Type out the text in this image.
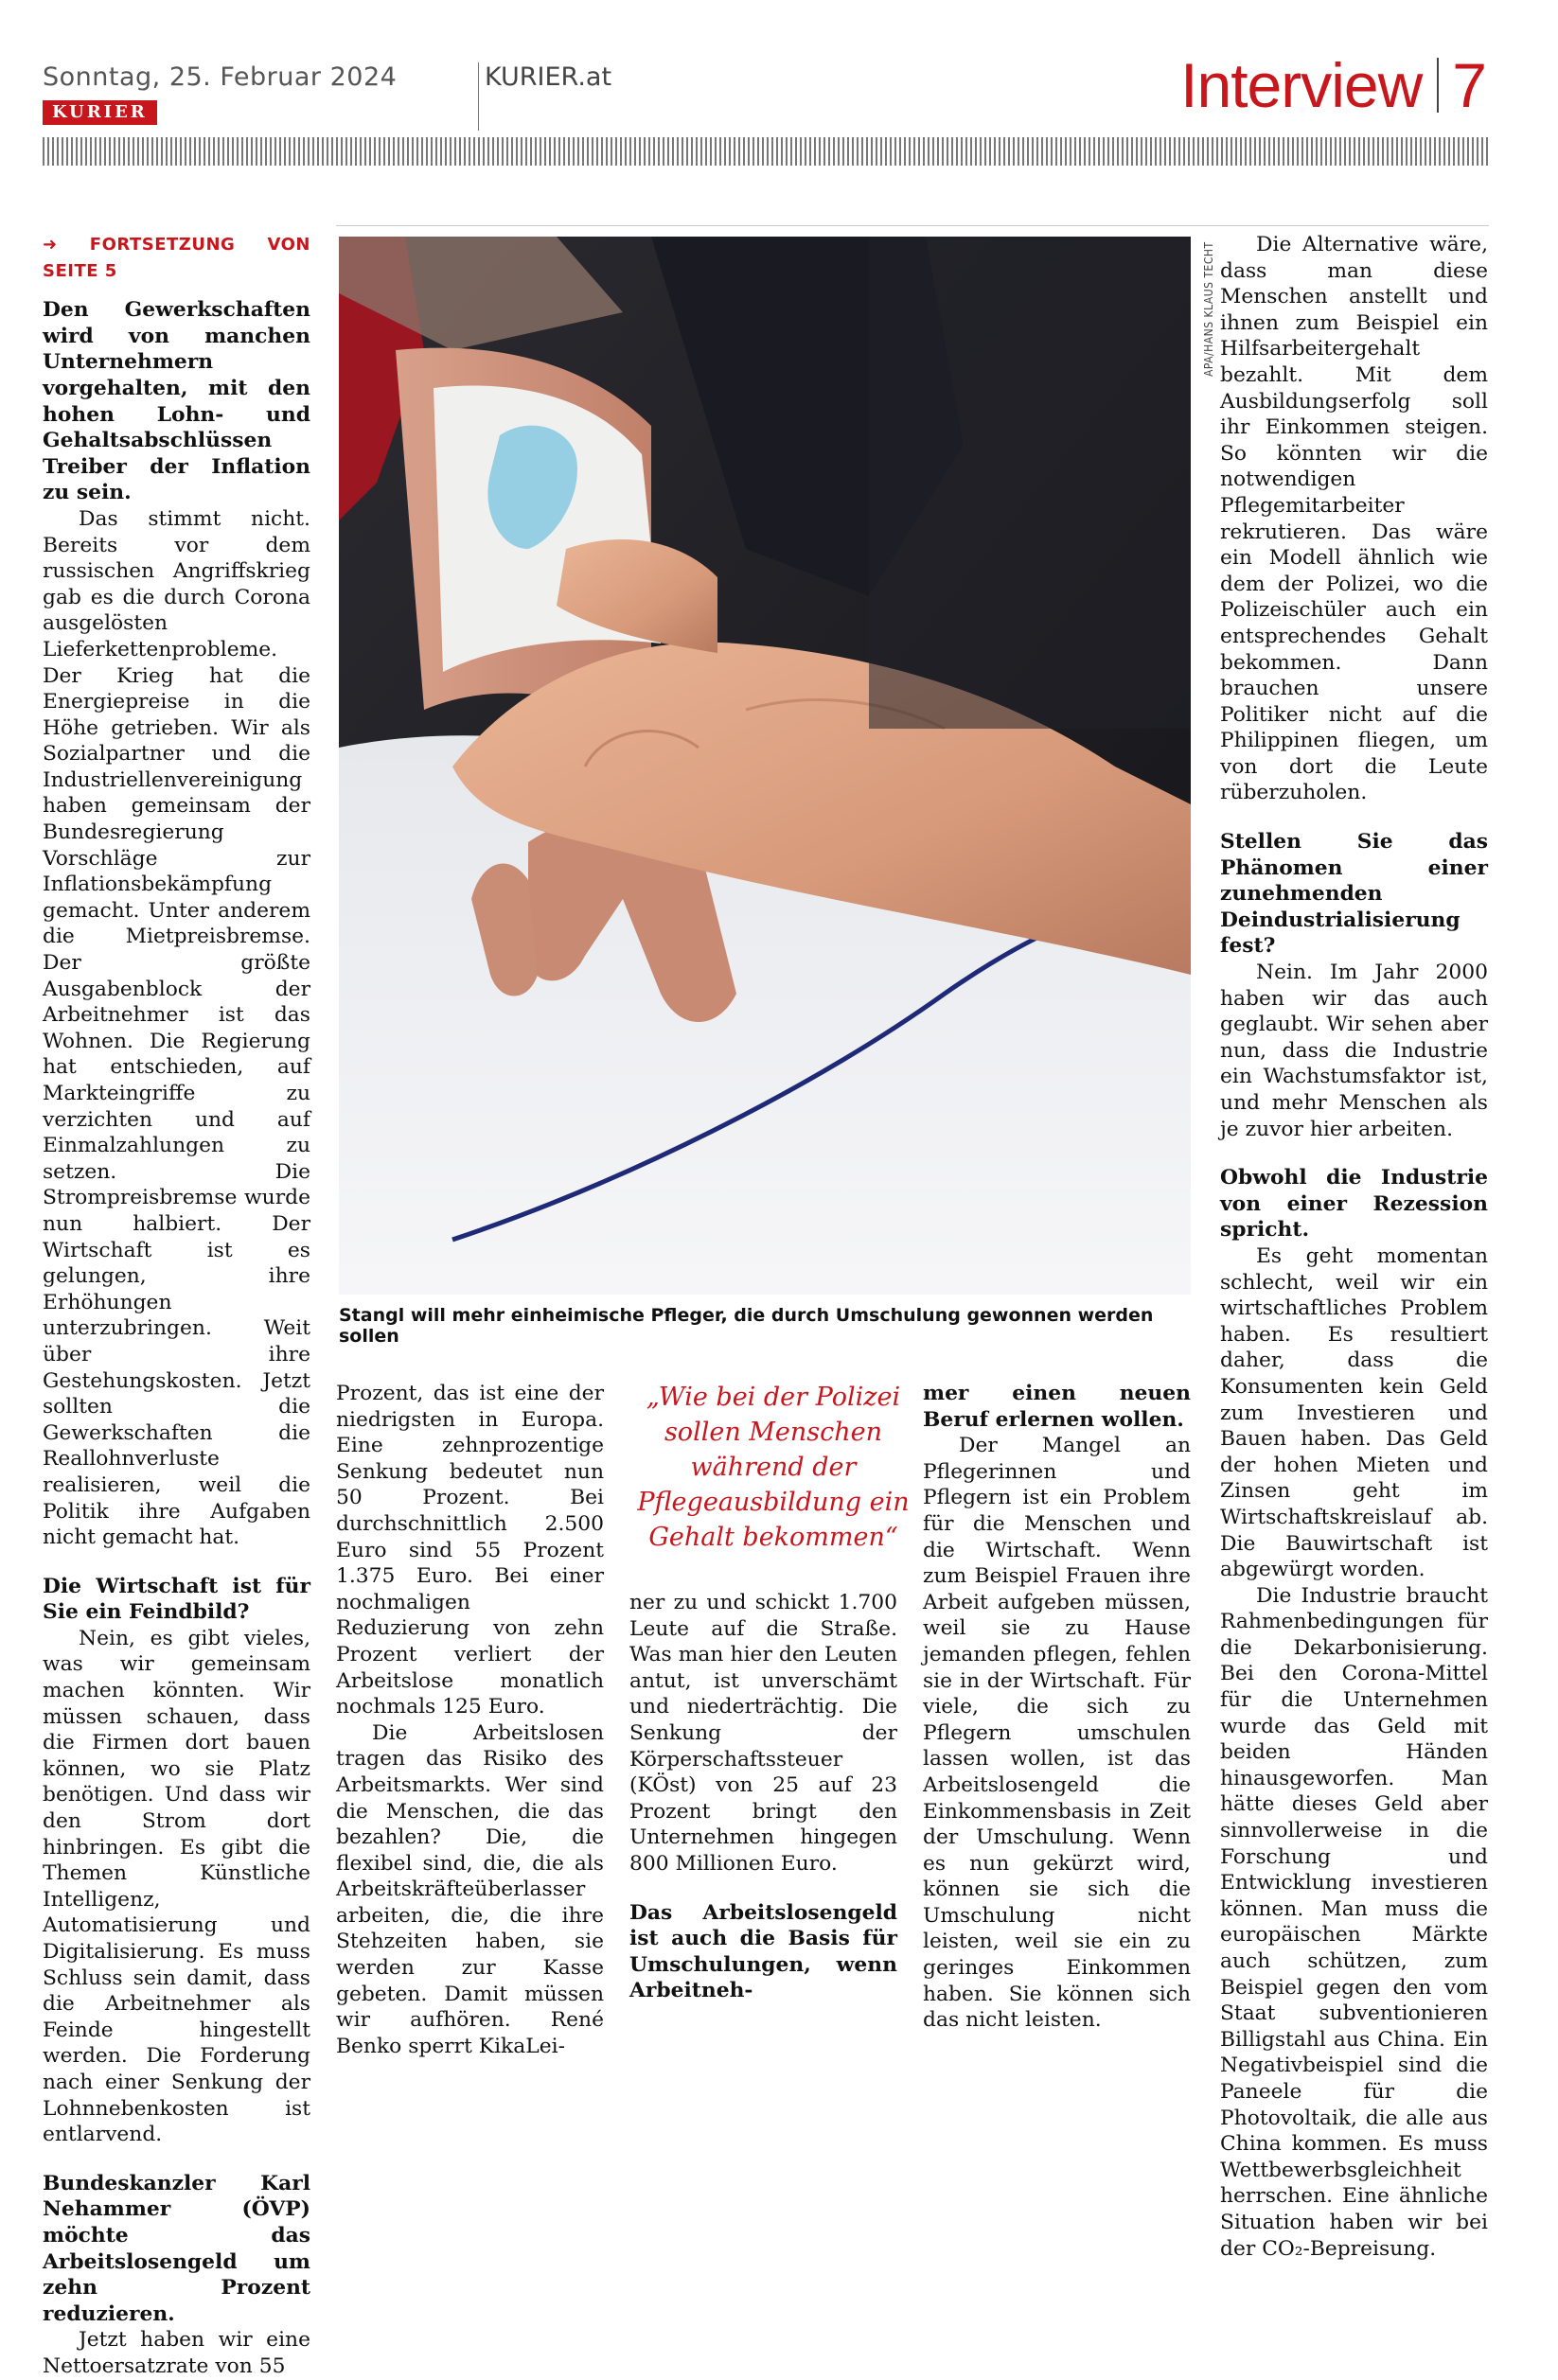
Sonntag, 25. Februar 2024
KURIER
KURIER.at	Interview 7
APA/HANS KLAUS TECHT
Stangl will mehr einheimische Pfleger, die durch Umschulung gewonnen werden sollen
„Wie bei der Polizei sollen Menschen während der Pflegeausbildung ein Gehalt bekommen“
➜ FORTSETZUNG VON SEITE 5

Den Gewerkschaften wird von manchen Unternehmern vorgehalten, mit den hohen Lohn- und Gehaltsabschlüssen Treiber der Inflation zu sein.

Das stimmt nicht. Bereits vor dem russischen Angriffskrieg gab es die durch Corona ausgelösten Lieferkettenprobleme. Der Krieg hat die Energiepreise in die Höhe getrieben. Wir als Sozialpartner und die Industriellenvereinigung haben gemeinsam der Bundesregierung Vorschläge zur Inflationsbekämpfung gemacht. Unter anderem die Mietpreisbremse. Der größte Ausgabenblock der Arbeitnehmer ist das Wohnen. Die Regierung hat entschieden, auf Markteingriffe zu verzichten und auf Einmalzahlungen zu setzen. Die Strompreisbremse wurde nun halbiert. Der Wirtschaft ist es gelungen, ihre Erhöhungen unterzubringen. Weit über ihre Gestehungskosten. Jetzt sollten die Gewerkschaften die Reallohnverluste realisieren, weil die Politik ihre Aufgaben nicht gemacht hat.

Die Wirtschaft ist für Sie ein Feindbild?

Nein, es gibt vieles, was wir gemeinsam machen könnten. Wir müssen schauen, dass die Firmen dort bauen können, wo sie Platz benötigen. Und dass wir den Strom dort hinbringen. Es gibt die Themen Künstliche Intelligenz, Automatisierung und Digitalisierung. Es muss Schluss sein damit, dass die Arbeitnehmer als Feinde hingestellt werden. Die Forderung nach einer Senkung der Lohnnebenkosten ist entlarvend.

Bundeskanzler Karl Nehammer (ÖVP) möchte das Arbeitslosengeld um zehn Prozent reduzieren.

Jetzt haben wir eine Nettoersatzrate von 55

Prozent, das ist eine der niedrigsten in Europa. Eine zehnprozentige Senkung bedeutet nun 50 Prozent. Bei durchschnittlich 2.500 Euro sind 55 Prozent 1.375 Euro. Bei einer nochmaligen Reduzierung von zehn Prozent verliert der Arbeitslose monatlich nochmals 125 Euro.

Die Arbeitslosen tragen das Risiko des Arbeitsmarkts. Wer sind die Menschen, die das bezahlen? Die, die flexibel sind, die, die als Arbeitskräfteüberlasser arbeiten, die, die ihre Stehzeiten haben, sie werden zur Kasse gebeten. Damit müssen wir aufhören. René Benko sperrt KikaLei-

ner zu und schickt 1.700 Leute auf die Straße. Was man hier den Leuten antut, ist unverschämt und niederträchtig. Die Senkung der Körperschaftssteuer (KÖst) von 25 auf 23 Prozent bringt den Unternehmen hingegen 800 Millionen Euro.

Das Arbeitslosengeld ist auch die Basis für Umschulungen, wenn Arbeitneh-

mer einen neuen Beruf erlernen wollen.

Der Mangel an Pflegerinnen und Pflegern ist ein Problem für die Menschen und die Wirtschaft. Wenn zum Beispiel Frauen ihre Arbeit aufgeben müssen, weil sie zu Hause jemanden pflegen, fehlen sie in der Wirtschaft. Für viele, die sich zu Pflegern umschulen lassen wollen, ist das Arbeitslosengeld die Einkommensbasis in Zeit der Umschulung. Wenn es nun gekürzt wird, können sie sich die Umschulung nicht leisten, weil sie ein zu geringes Einkommen haben. Sie können sich das nicht leisten.

Die Alternative wäre, dass man diese Menschen anstellt und ihnen zum Beispiel ein Hilfsarbeitergehalt bezahlt. Mit dem Ausbildungserfolg soll ihr Einkommen steigen. So könnten wir die notwendigen Pflegemitarbeiter rekrutieren. Das wäre ein Modell ähnlich wie dem der Polizei, wo die Polizeischüler auch ein entsprechendes Gehalt bekommen. Dann brauchen unsere Politiker nicht auf die Philippinen fliegen, um von dort die Leute rüberzuholen.

Stellen Sie das Phänomen einer zunehmenden Deindustrialisierung fest?

Nein. Im Jahr 2000 haben wir das auch geglaubt. Wir sehen aber nun, dass die Industrie ein Wachstumsfaktor ist, und mehr Menschen als je zuvor hier arbeiten.

Obwohl die Industrie von einer Rezession spricht.

Es geht momentan schlecht, weil wir ein wirtschaftliches Problem haben. Es resultiert daher, dass die Konsumenten kein Geld zum Investieren und Bauen haben. Das Geld der hohen Mieten und Zinsen geht im Wirtschaftskreislauf ab. Die Bauwirtschaft ist abgewürgt worden.

Die Industrie braucht Rahmenbedingungen für die Dekarbonisierung. Bei den Corona-Mittel für die Unternehmen wurde das Geld mit beiden Händen hinausgeworfen. Man hätte dieses Geld aber sinnvollerweise in die Forschung und Entwicklung investieren können. Man muss die europäischen Märkte auch schützen, zum Beispiel gegen den vom Staat subventionieren Billigstahl aus China. Ein Negativbeispiel sind die Paneele für die Photovoltaik, die alle aus China kommen. Es muss Wettbewerbsgleichheit herrschen. Eine ähnliche Situation haben wir bei der CO₂-Bepreisung.
